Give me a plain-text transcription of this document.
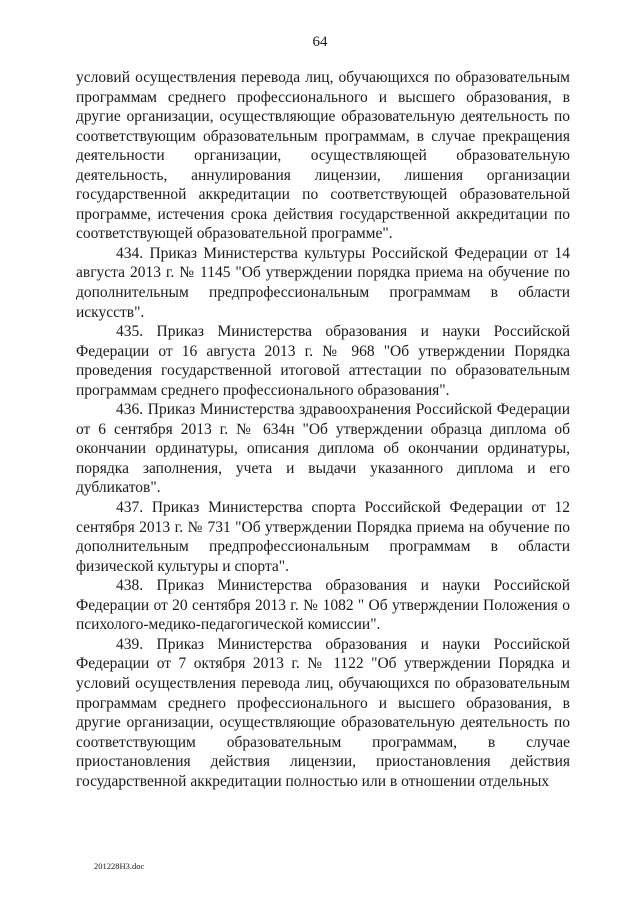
64

условий осуществления перевода лиц, обучающихся по образовательным программам среднего профессионального и высшего образования, в другие организации, осуществляющие образовательную деятельность по соответствующим образовательным программам, в случае прекращения деятельности организации, осуществляющей образовательную деятельность, аннулирования лицензии, лишения организации государственной аккредитации по соответствующей образовательной программе, истечения срока действия государственной аккредитации по соответствующей образовательной программе".

434. Приказ Министерства культуры Российской Федерации от 14 августа 2013 г. № 1145 "Об утверждении порядка приема на обучение по дополнительным предпрофессиональным программам в области искусств".

435. Приказ Министерства образования и науки Российской Федерации от 16 августа 2013 г. № 968 "Об утверждении Порядка проведения государственной итоговой аттестации по образовательным программам среднего профессионального образования".

436. Приказ Министерства здравоохранения Российской Федерации от 6 сентября 2013 г. № 634н "Об утверждении образца диплома об окончании ординатуры, описания диплома об окончании ординатуры, порядка заполнения, учета и выдачи указанного диплома и его дубликатов".

437. Приказ Министерства спорта Российской Федерации от 12 сентября 2013 г. № 731 "Об утверждении Порядка приема на обучение по дополнительным предпрофессиональным программам в области физической культуры и спорта".

438. Приказ Министерства образования и науки Российской Федерации от 20 сентября 2013 г. № 1082 " Об утверждении Положения о психолого-медико-педагогической комиссии".

439. Приказ Министерства образования и науки Российской Федерации от 7 октября 2013 г. № 1122 "Об утверждении Порядка и условий осуществления перевода лиц, обучающихся по образовательным программам среднего профессионального и высшего образования, в другие организации, осуществляющие образовательную деятельность по соответствующим образовательным программам, в случае приостановления действия лицензии, приостановления действия государственной аккредитации полностью или в отношении отдельных

201228Н3.doc
